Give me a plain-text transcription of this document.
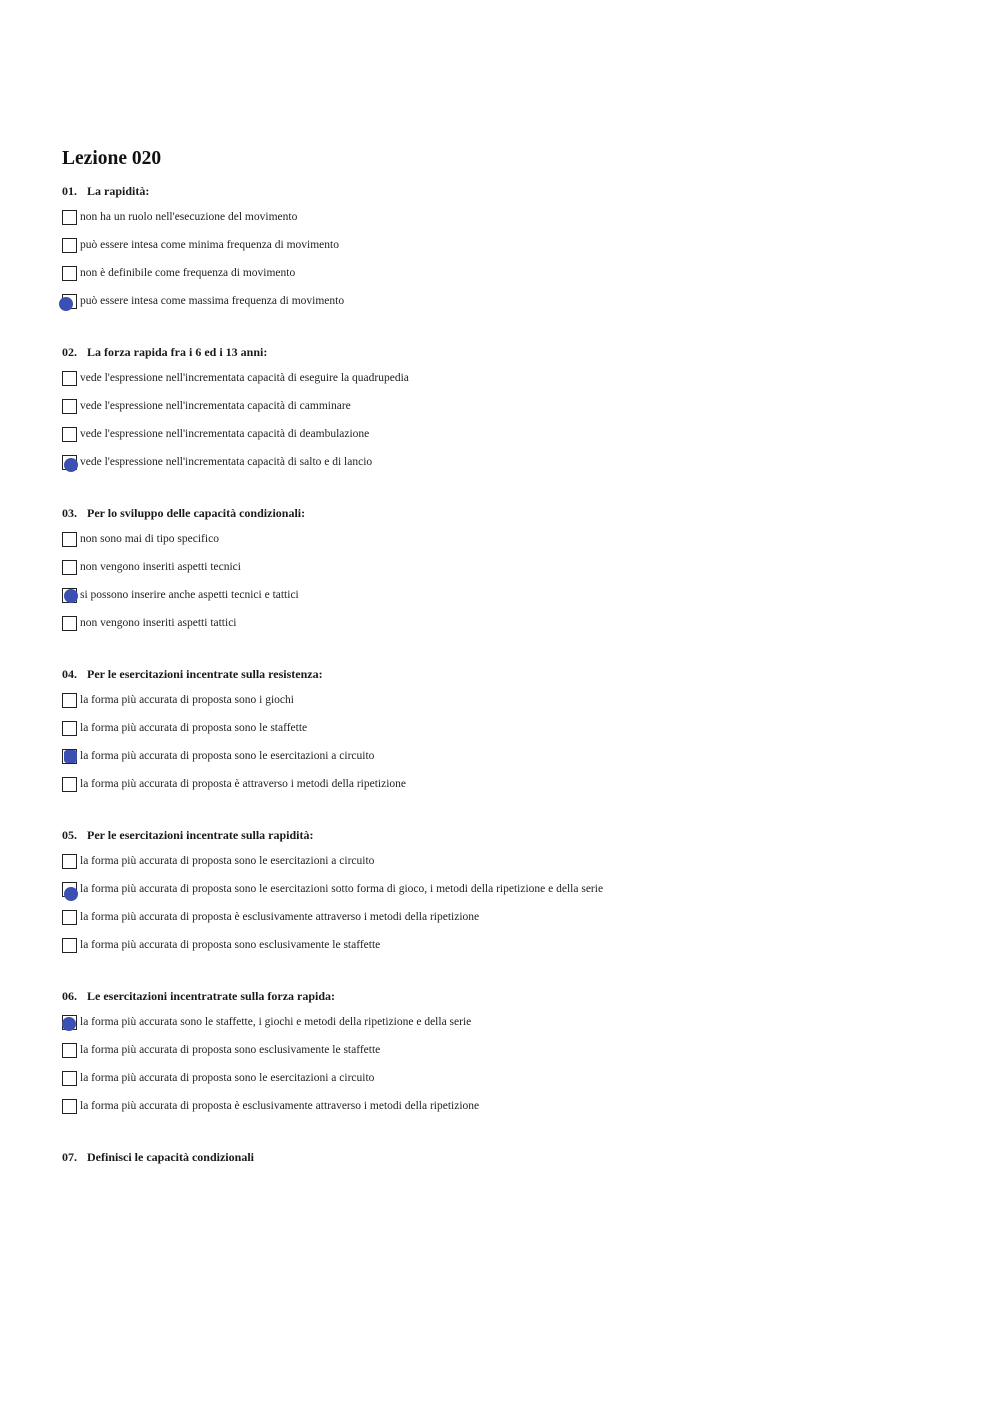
Lezione 020
01. La rapidità:
non ha un ruolo nell'esecuzione del movimento
può essere intesa come minima frequenza di movimento
non è definibile come frequenza di movimento
può essere intesa come massima frequenza di movimento
02. La forza rapida fra i 6 ed i 13 anni:
vede l'espressione nell'incrementata capacità di eseguire la quadrupedia
vede l'espressione nell'incrementata capacità di camminare
vede l'espressione nell'incrementata capacità di deambulazione
vede l'espressione nell'incrementata capacità di salto e di lancio
03. Per lo sviluppo delle capacità condizionali:
non sono mai di tipo specifico
non vengono inseriti aspetti tecnici
si possono inserire anche aspetti tecnici e tattici
non vengono inseriti aspetti tattici
04. Per le esercitazioni incentrate sulla resistenza:
la forma più accurata di proposta sono i giochi
la forma più accurata di proposta sono le staffette
la forma più accurata di proposta sono le esercitazioni a circuito
la forma più accurata di proposta è attraverso i metodi della ripetizione
05. Per le esercitazioni incentrate sulla rapidità:
la forma più accurata di proposta sono le esercitazioni a circuito
la forma più accurata di proposta sono le esercitazioni sotto forma di gioco, i metodi della ripetizione e della serie
la forma più accurata di proposta è esclusivamente attraverso i metodi della ripetizione
la forma più accurata di proposta sono esclusivamente le staffette
06. Le esercitazioni incentratrate sulla forza rapida:
la forma più accurata sono le staffette, i giochi e metodi della ripetizione e della serie
la forma più accurata di proposta sono esclusivamente le staffette
la forma più accurata di proposta sono le esercitazioni a circuito
la forma più accurata di proposta è esclusivamente attraverso i metodi della ripetizione
07. Definisci le capacità condizionali
